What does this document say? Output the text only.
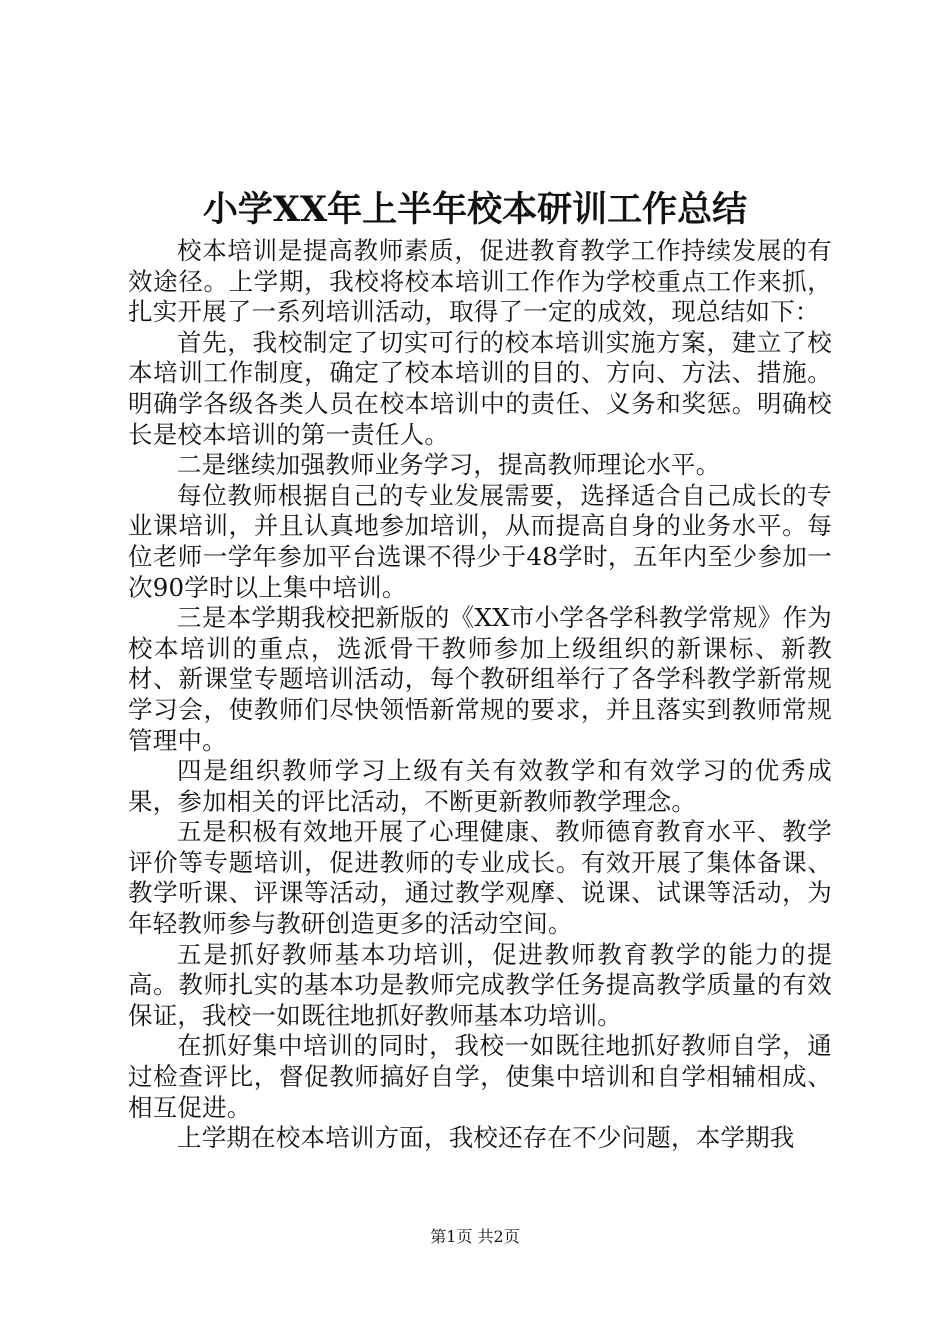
小学XX年上半年校本研训工作总结

校本培训是提高教师素质，促进教育教学工作持续发展的有效途径。上学期，我校将校本培训工作作为学校重点工作来抓，扎实开展了一系列培训活动，取得了一定的成效，现总结如下：

首先，我校制定了切实可行的校本培训实施方案，建立了校本培训工作制度，确定了校本培训的目的、方向、方法、措施。明确学各级各类人员在校本培训中的责任、义务和奖惩。明确校长是校本培训的第一责任人。

二是继续加强教师业务学习，提高教师理论水平。

每位教师根据自己的专业发展需要，选择适合自己成长的专业课培训，并且认真地参加培训，从而提高自身的业务水平。每位老师一学年参加平台选课不得少于48学时，五年内至少参加一次90学时以上集中培训。

三是本学期我校把新版的《XX市小学各学科教学常规》作为校本培训的重点，选派骨干教师参加上级组织的新课标、新教材、新课堂专题培训活动，每个教研组举行了各学科教学新常规学习会，使教师们尽快领悟新常规的要求，并且落实到教师常规管理中。

四是组织教师学习上级有关有效教学和有效学习的优秀成果，参加相关的评比活动，不断更新教师教学理念。

五是积极有效地开展了心理健康、教师德育教育水平、教学评价等专题培训，促进教师的专业成长。有效开展了集体备课、教学听课、评课等活动，通过教学观摩、说课、试课等活动，为年轻教师参与教研创造更多的活动空间。

五是抓好教师基本功培训，促进教师教育教学的能力的提高。教师扎实的基本功是教师完成教学任务提高教学质量的有效保证，我校一如既往地抓好教师基本功培训。

在抓好集中培训的同时，我校一如既往地抓好教师自学，通过检查评比，督促教师搞好自学，使集中培训和自学相辅相成、相互促进。

上学期在校本培训方面，我校还存在不少问题，本学期我

第1页 共2页
